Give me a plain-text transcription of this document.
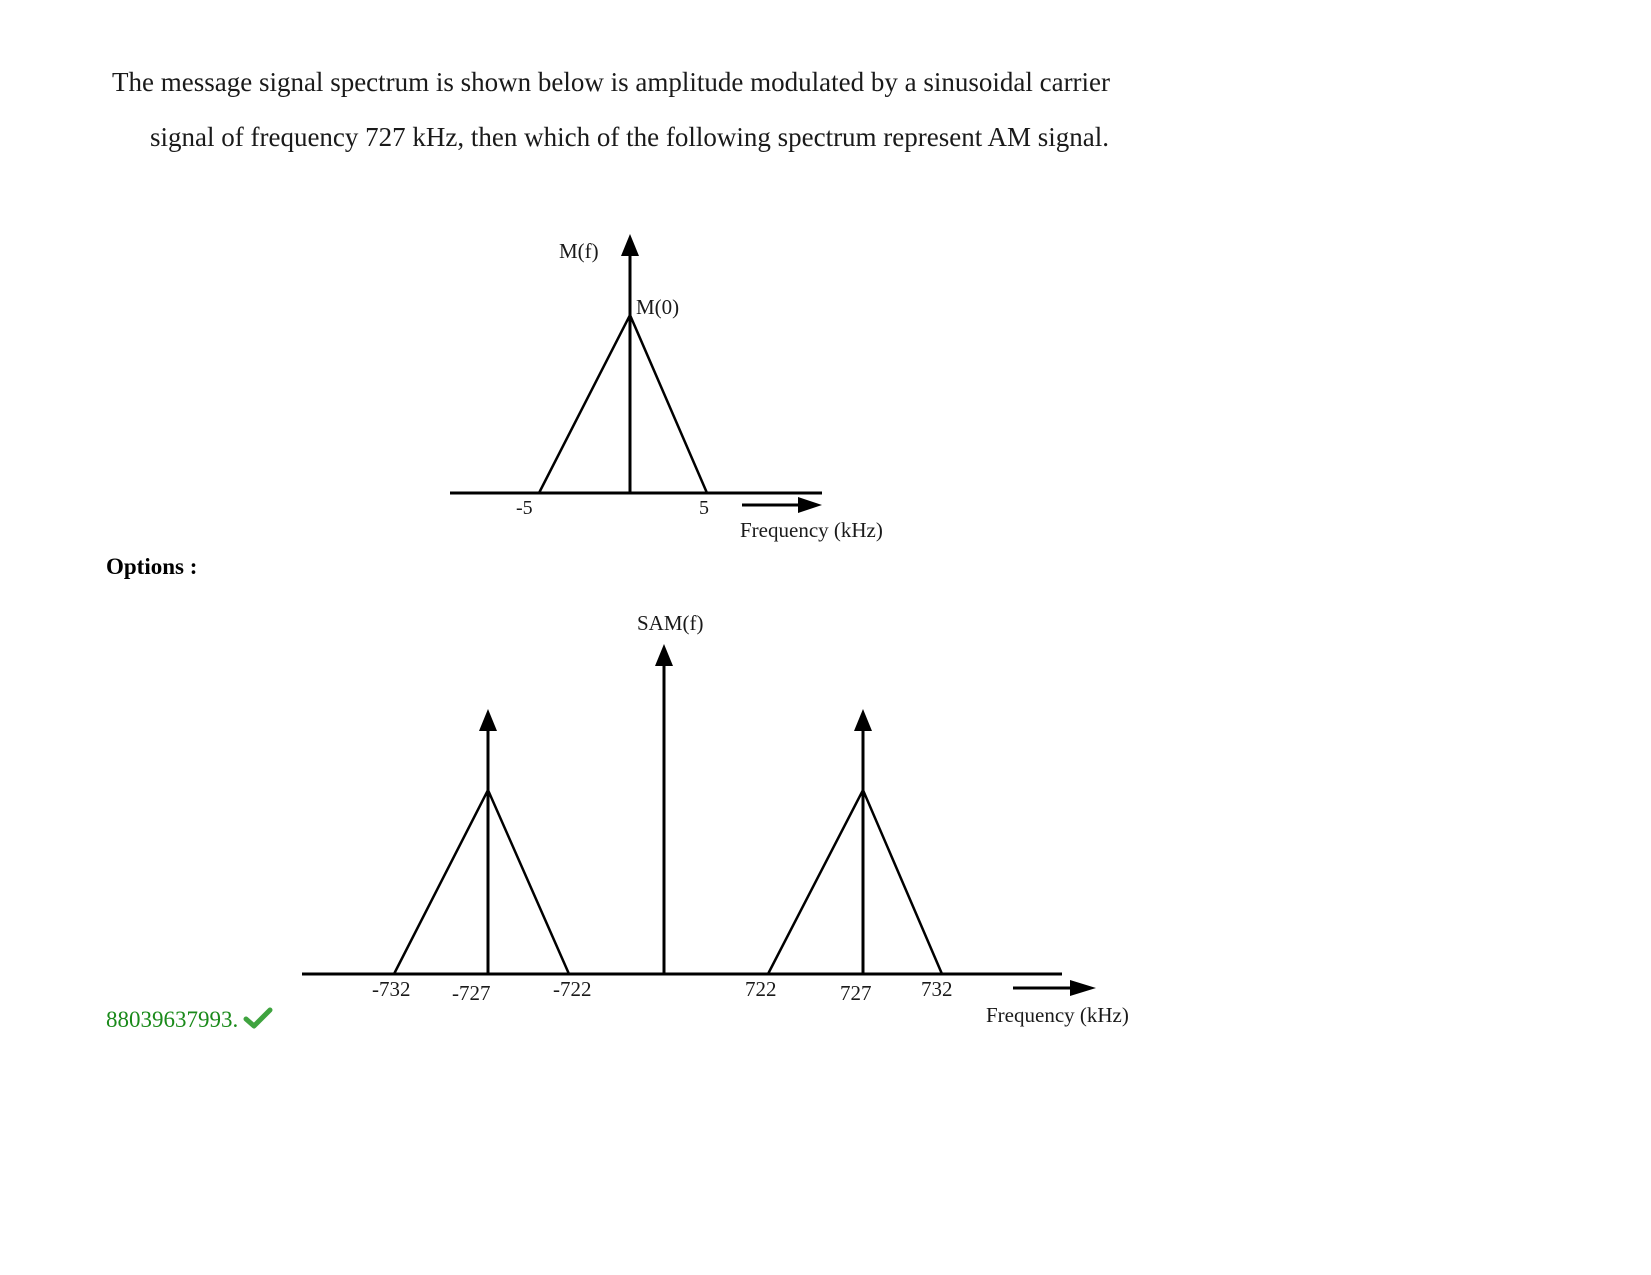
The message signal spectrum is shown below is amplitude modulated by a sinusoidal carrier

signal of frequency 727 kHz, then which of the following spectrum represent AM signal.

M(f)
M(0)
-5	5
Frequency (kHz)

Options :

SAM(f)
-732 -727	-722	722	727 732
Frequency (kHz)
88039637993.
